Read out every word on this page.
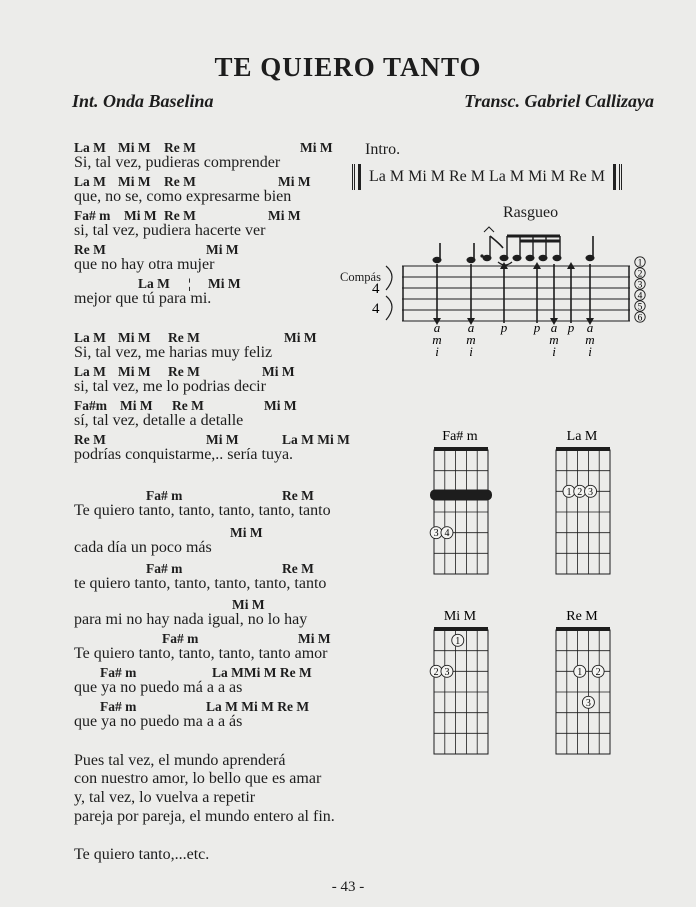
TE QUIERO TANTO
Int. Onda Baselina	Transc. Gabriel Callizaya
La M Mi M Re M	Mi M
Si, tal vez, pudieras comprender
La M Mi M Re M	Mi M
que, no se, como expresarme bien
Fa# m Mi M Re M	Mi M
si, tal vez, pudiera hacerte ver
Re M	Mi M
que no hay otra mujer
La M ¦ Mi M
mejor que tú para mi.
La M Mi M Re M	Mi M
Si, tal vez, me harias muy feliz
La M Mi M Re M	Mi M
si, tal vez, me lo podrias decir
Fa#m Mi M Re M	Mi M
sí, tal vez, detalle a detalle
Re M	Mi M	La M Mi M
podrías conquistarme,.. sería tuya.
Fa# m	Re M
Te quiero tanto, tanto, tanto, tanto, tanto
Mi M
cada día un poco más
Fa# m	Re M
te quiero tanto, tanto, tanto, tanto, tanto
Mi M
para mi no hay nada igual, no lo hay
Fa# m	Mi M
Te quiero tanto, tanto, tanto, tanto amor
Fa# m	La MMi M Re M
que ya no puedo má a a as
Fa# m	La M Mi M Re M
que ya no puedo ma a a ás
Pues tal vez, el mundo aprenderá
con nuestro amor, lo bello que es amar
y, tal vez, lo vuelva a repetir
pareja por pareja, el mundo entero al fin.
Te quiero tanto,...etc.
Intro.
La M Mi M Re M La M Mi M Re M
Rasgueo
Compás
4
4
1
2
3
4
5
6
a a p p a p a
m m	m m
i i	i i
Fa# m
3 4
La M
1 2 3
Mi M
1
2 3
Re M
1 2
3
- 43 -
